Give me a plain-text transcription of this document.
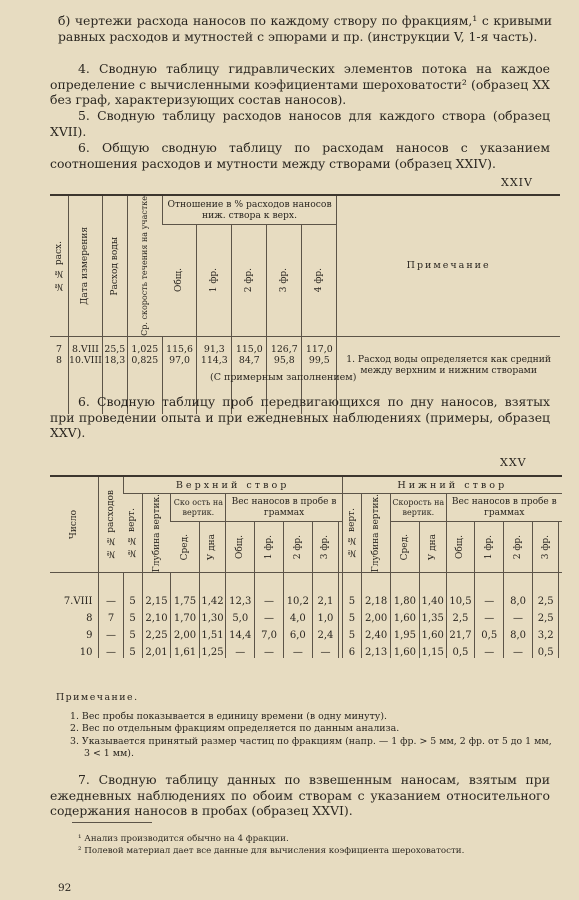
б) чертежи расхода наносов по каждому створу по фракциям,¹ с кривыми равных расходов и мутностей с эпюрами и пр. (инструкции V, 1-я часть).

4. Сводную таблицу гидравлических элементов потока на каждое определение с вычисленными коэфициентами шероховатости² (образец XX без граф, характеризующих состав наносов).

5. Сводную таблицу расходов наносов для каждого створа (образец XVII).

6. Общую сводную таблицу по расходам наносов с указанием соотношения расходов и мутности между створами (образец XXIV).

XXIV
№ № расх.	Дата измерения	Расход воды	Ср. скорость течения на участке	Отношение в % расходов наносов ниж. створа к верх.					Примечание

				Общ.	1 фр.	2 фр.	3 фр.	4 фр.	

7	8.VIII	25,5	1,025	115,6	91,3	115,0	126,7	117,0	1. Расход воды определяется как средний между верхним и нижним створами
8	10.VIII	18,3	0,825	97,0	114,3	84,7	95,8	99,5	
(С примерным заполнением)

6. Сводную таблицу проб передвигающихся по дну наносов, взятых при проведении опыта и при ежедневных наблюдениях (примеры, образец XXV).

XXV
Число	№ № расходов	Верхний створ									Нижний створ								

		№ № верт.	Глубина вертик.	Ско ость на вертик.		Вес наносов в пробе в граммах					№ № верт.	Глубина вертик.	Скорость на вертик.		Вес наносов в пробе в граммах				

				Сред.	У дна	Общ.	1 фр.	2 фр.	3 фр.				Сред.	У дна	Общ.	1 фр.	2 фр.	3 фр.	

7.VIII	—	5	2,15	1,75	1,42	12,3	—	10,2	2,1		5	2,18	1,80	1,40	10,5	—	8,0	2,5	
8	7	5	2,10	1,70	1,30	5,0	—	4,0	1,0		5	2,00	1,60	1,35	2,5	—	—	2,5	
9	—	5	2,25	2,00	1,51	14,4	7,0	6,0	2,4		5	2,40	1,95	1,60	21,7	0,5	8,0	3,2	
10	—	5	2,01	1,61	1,25	—	—	—	—		6	2,13	1,60	1,15	0,5	—	—	0,5	

Примечание.
1. Вес пробы показывается в единицу времени (в одну минуту).
2. Вес по отдельным фракциям определяется по данным анализа.
3. Указывается принятый размер частиц по фракциям (напр. — 1 фр. > 5 мм, 2 фр. от 5 до 1 мм, 3 < 1 мм).

7. Сводную таблицу данных по взвешенным наносам, взятым при ежедневных наблюдениях по обоим створам с указанием относительного содержания наносов в пробах (образец XXVI).

¹ Анализ производится обычно на 4 фракции.
² Полевой материал дает все данные для вычисления коэфициента шероховатости.
92
